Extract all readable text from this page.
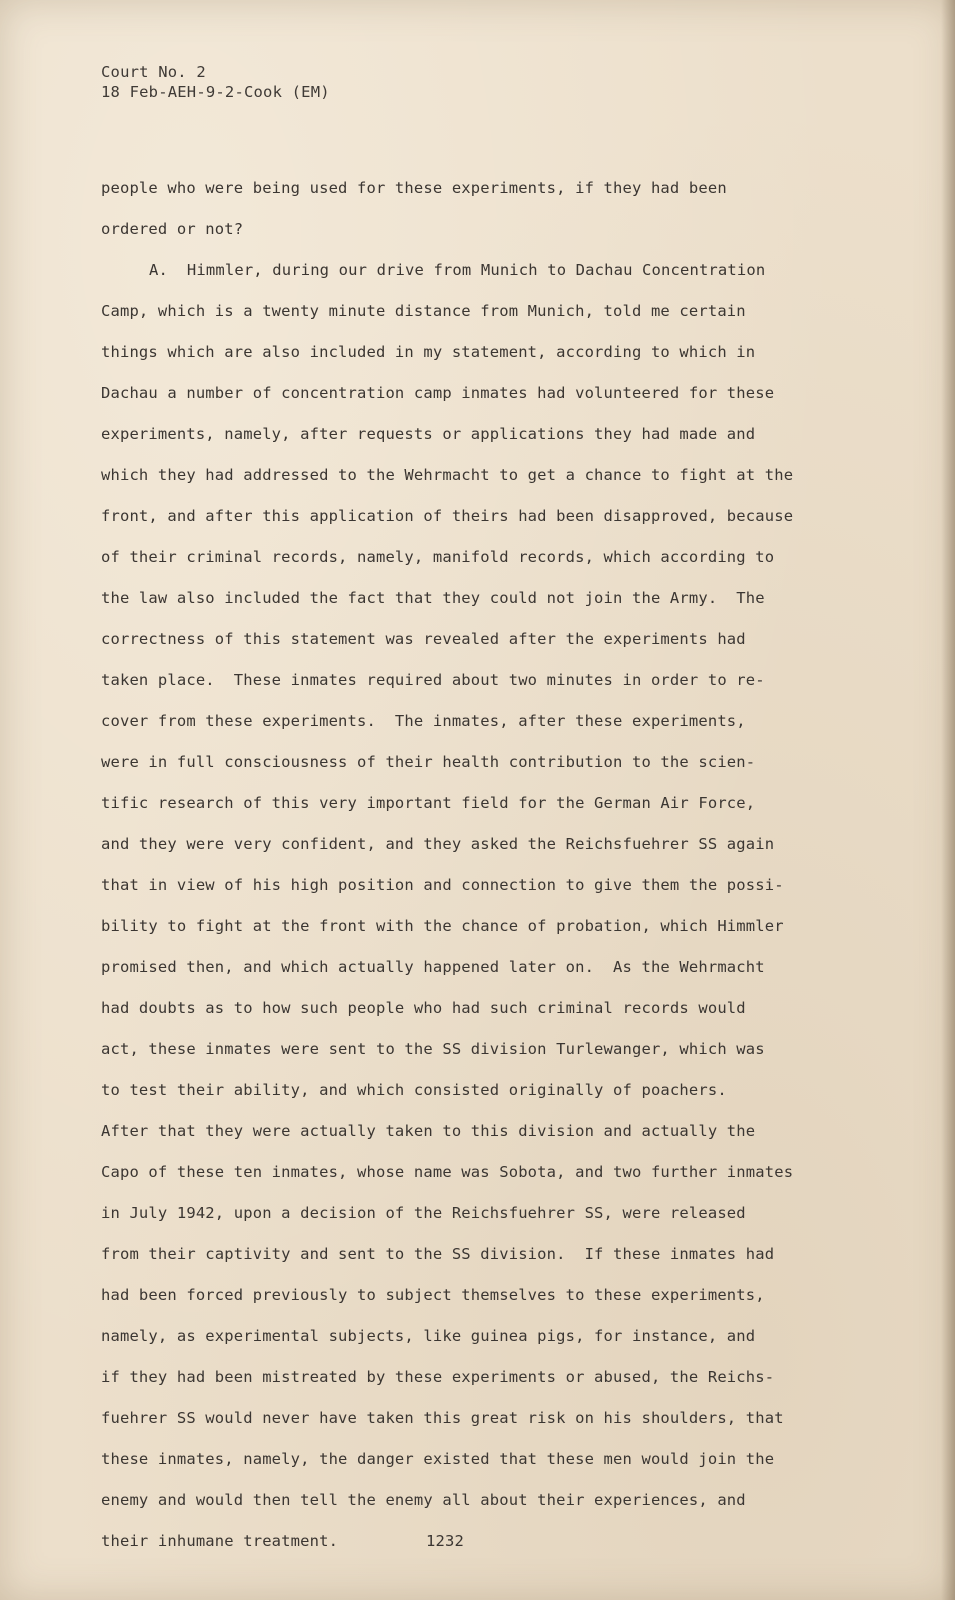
Court No. 2
18 Feb-AEH-9-2-Cook (EM)
people who were being used for these experiments, if they had been
ordered or not?
A.  Himmler, during our drive from Munich to Dachau Concentration
Camp, which is a twenty minute distance from Munich, told me certain
things which are also included in my statement, according to which in
Dachau a number of concentration camp inmates had volunteered for these
experiments, namely, after requests or applications they had made and
which they had addressed to the Wehrmacht to get a chance to fight at the
front, and after this application of theirs had been disapproved, because
of their criminal records, namely, manifold records, which according to
the law also included the fact that they could not join the Army.  The
correctness of this statement was revealed after the experiments had
taken place.  These inmates required about two minutes in order to re-
cover from these experiments.  The inmates, after these experiments,
were in full consciousness of their health contribution to the scien-
tific research of this very important field for the German Air Force,
and they were very confident, and they asked the Reichsfuehrer SS again
that in view of his high position and connection to give them the possi-
bility to fight at the front with the chance of probation, which Himmler
promised then, and which actually happened later on.  As the Wehrmacht
had doubts as to how such people who had such criminal records would
act, these inmates were sent to the SS division Turlewanger, which was
to test their ability, and which consisted originally of poachers.
After that they were actually taken to this division and actually the
Capo of these ten inmates, whose name was Sobota, and two further inmates
in July 1942, upon a decision of the Reichsfuehrer SS, were released
from their captivity and sent to the SS division.  If these inmates had
had been forced previously to subject themselves to these experiments,
namely, as experimental subjects, like guinea pigs, for instance, and
if they had been mistreated by these experiments or abused, the Reichs-
fuehrer SS would never have taken this great risk on his shoulders, that
these inmates, namely, the danger existed that these men would join the
enemy and would then tell the enemy all about their experiences, and
their inhumane treatment.	1232
